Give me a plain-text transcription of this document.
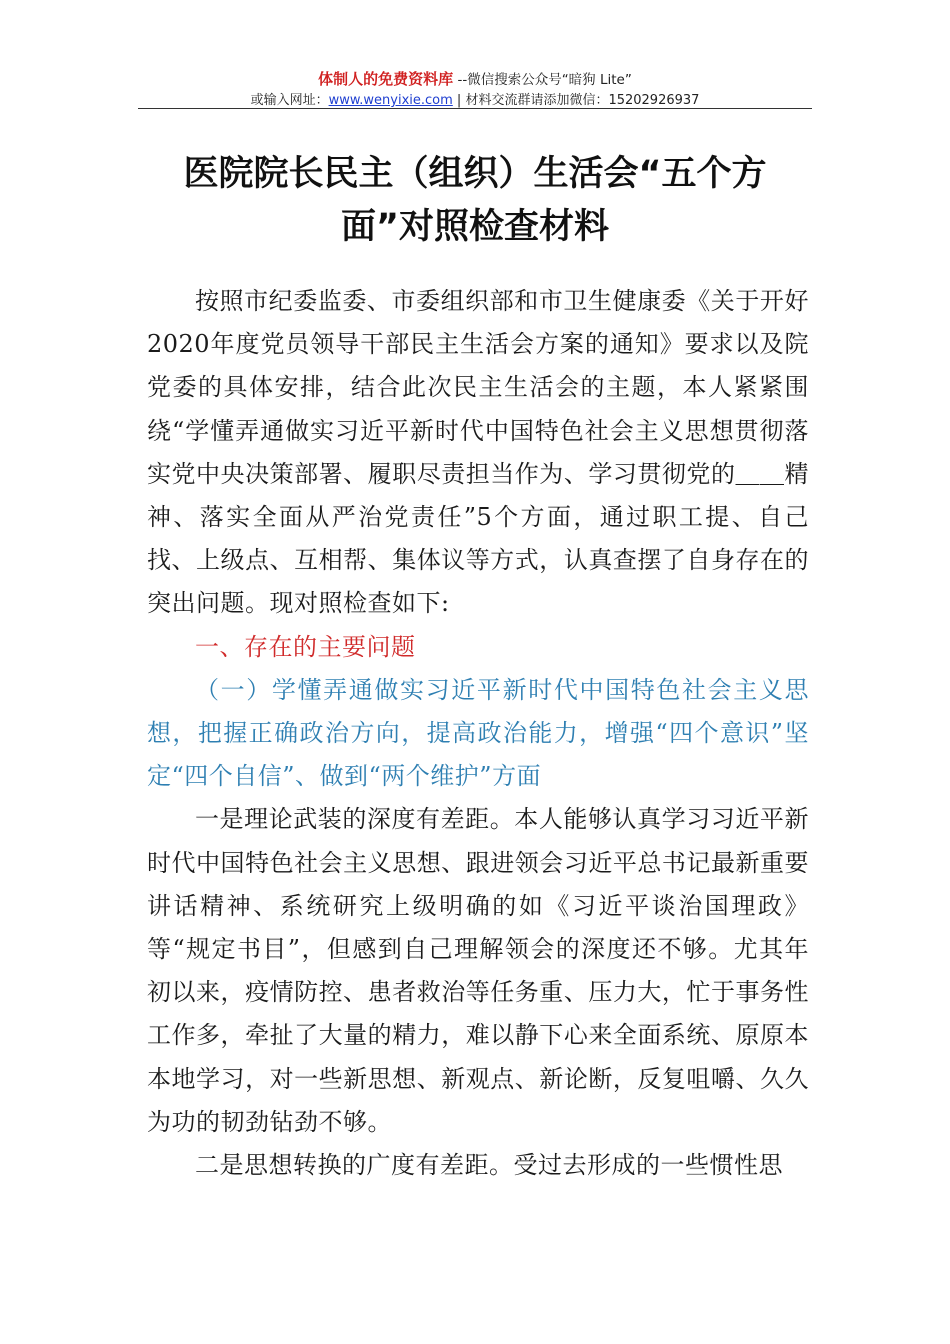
体制人的免费资料库 --微信搜索公众号“暗狗 Lite”
或输入网址：www.wenyixie.com | 材料交流群请添加微信：15202926937
医院院长民主（组织）生活会“五个方面”对照检查材料

按照市纪委监委、市委组织部和市卫生健康委《关于开好2020年度党员领导干部民主生活会方案的通知》要求以及院党委的具体安排，结合此次民主生活会的主题，本人紧紧围绕“学懂弄通做实习近平新时代中国特色社会主义思想贯彻落实党中央决策部署、履职尽责担当作为、学习贯彻党的＿＿精神、落实全面从严治党责任”5个方面，通过职工提、自己找、上级点、互相帮、集体议等方式，认真查摆了自身存在的突出问题。现对照检查如下:

一、存在的主要问题

（一）学懂弄通做实习近平新时代中国特色社会主义思想，把握正确政治方向，提高政治能力，增强“四个意识”坚定“四个自信”、做到“两个维护”方面

一是理论武装的深度有差距。本人能够认真学习习近平新时代中国特色社会主义思想、跟进领会习近平总书记最新重要讲话精神、系统研究上级明确的如《习近平谈治国理政》等“规定书目”，但感到自己理解领会的深度还不够。尤其年初以来，疫情防控、患者救治等任务重、压力大，忙于事务性工作多，牵扯了大量的精力，难以静下心来全面系统、原原本本地学习，对一些新思想、新观点、新论断，反复咀嚼、久久为功的韧劲钻劲不够。

二是思想转换的广度有差距。受过去形成的一些惯性思
